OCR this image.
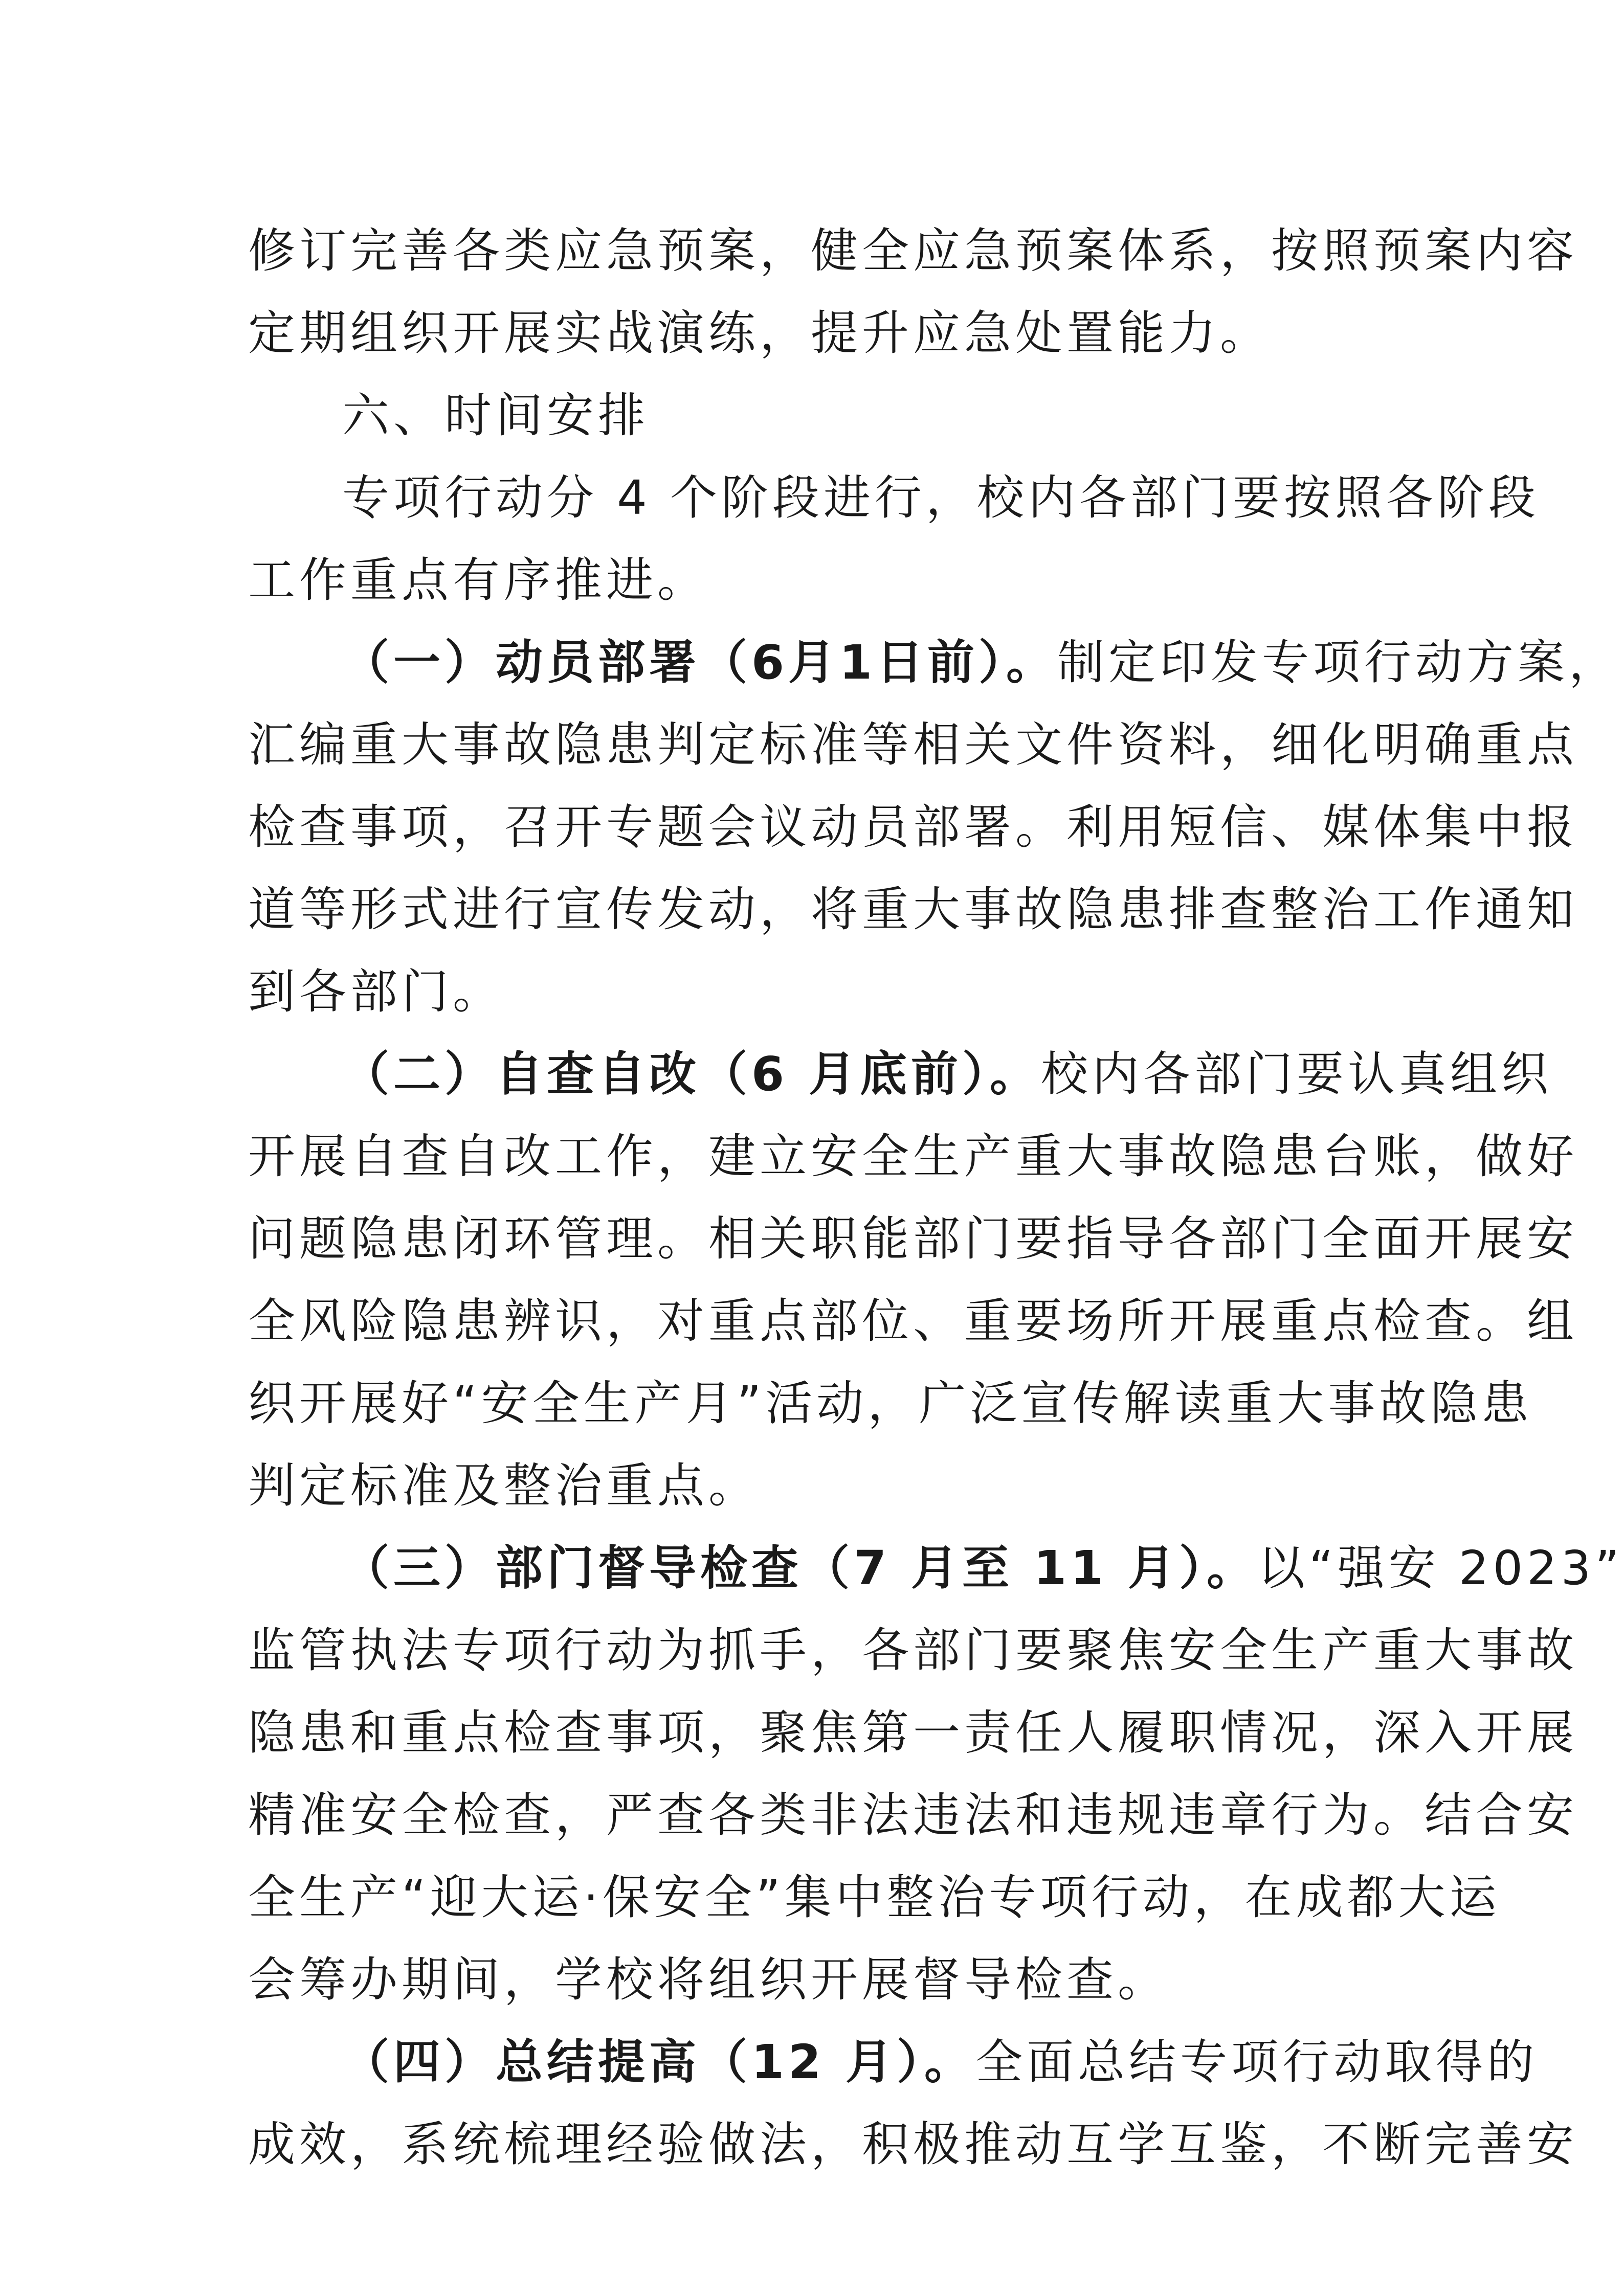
修订完善各类应急预案，健全应急预案体系，按照预案内容
定期组织开展实战演练，提升应急处置能力。
六、时间安排
专项行动分 4 个阶段进行，校内各部门要按照各阶段
工作重点有序推进。
（一）动员部署（6月1日前）。制定印发专项行动方案，
汇编重大事故隐患判定标准等相关文件资料，细化明确重点
检查事项，召开专题会议动员部署。利用短信、媒体集中报
道等形式进行宣传发动，将重大事故隐患排查整治工作通知
到各部门。
（二）自查自改（6 月底前）。校内各部门要认真组织
开展自查自改工作，建立安全生产重大事故隐患台账，做好
问题隐患闭环管理。相关职能部门要指导各部门全面开展安
全风险隐患辨识，对重点部位、重要场所开展重点检查。组
织开展好“安全生产月”活动，广泛宣传解读重大事故隐患
判定标准及整治重点。
（三）部门督导检查（7 月至 11 月）。以“强安 2023”
监管执法专项行动为抓手，各部门要聚焦安全生产重大事故
隐患和重点检查事项，聚焦第一责任人履职情况，深入开展
精准安全检查，严查各类非法违法和违规违章行为。结合安
全生产“迎大运·保安全”集中整治专项行动，在成都大运
会筹办期间，学校将组织开展督导检查。
（四）总结提高（12 月）。全面总结专项行动取得的
成效，系统梳理经验做法，积极推动互学互鉴，不断完善安
